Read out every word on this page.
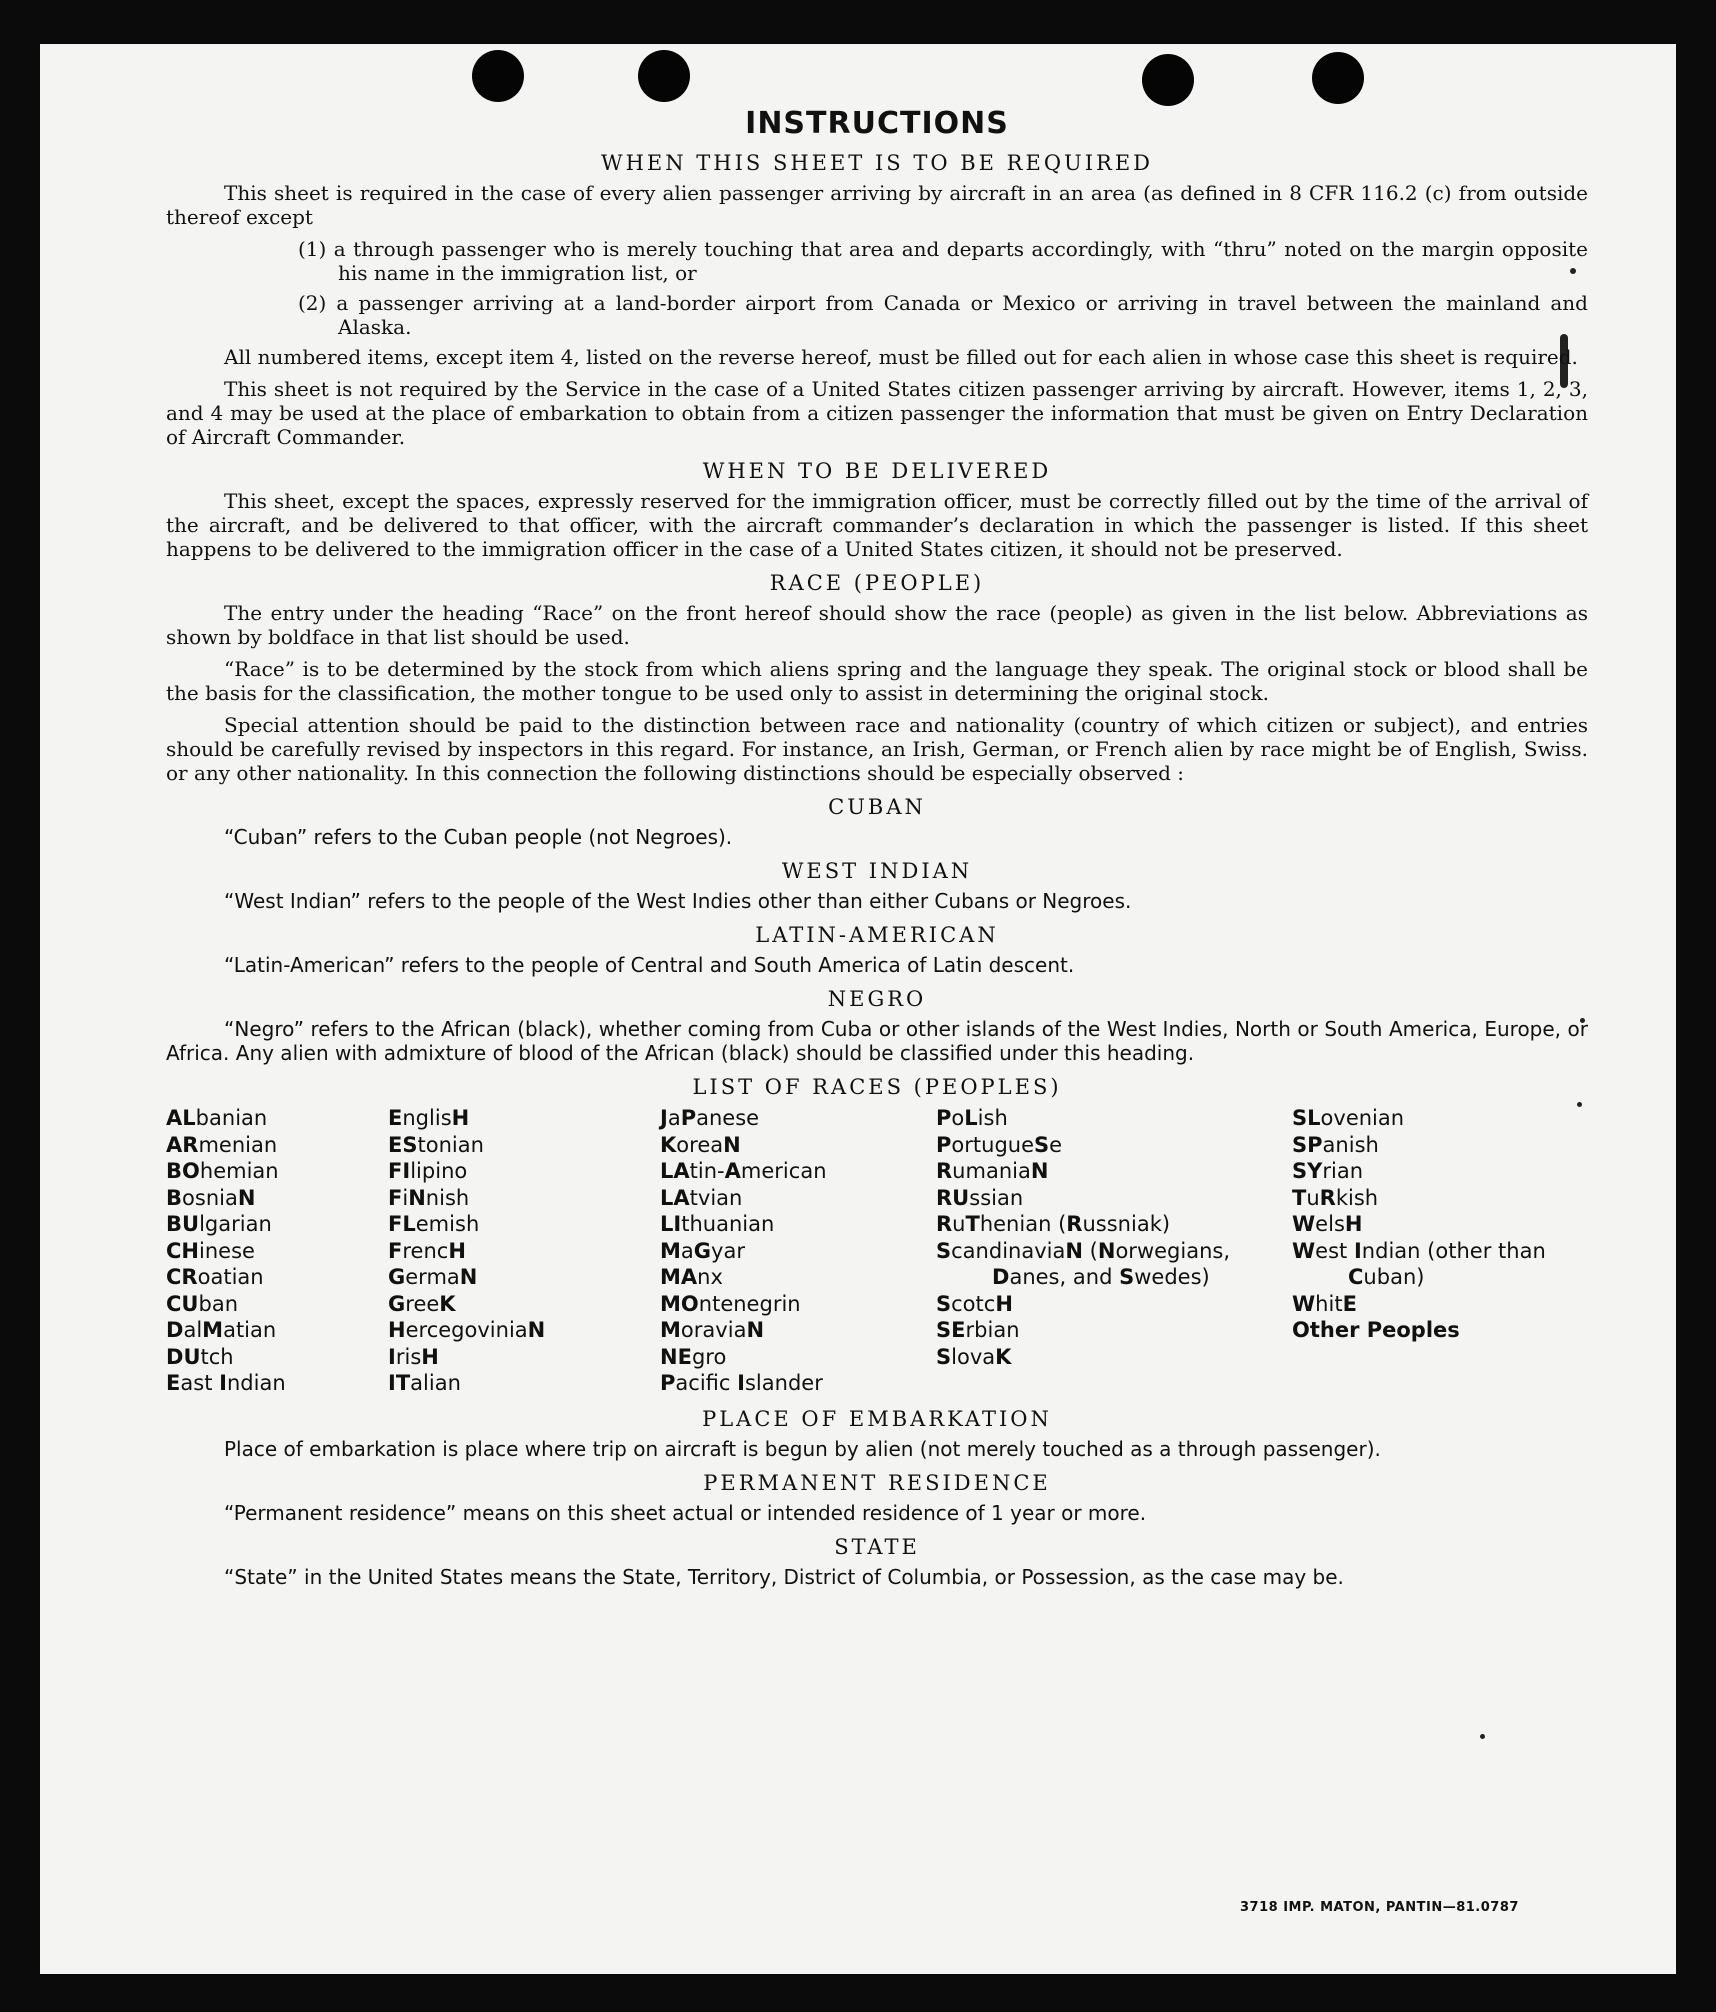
INSTRUCTIONS
WHEN THIS SHEET IS TO BE REQUIRED

This sheet is required in the case of every alien passenger arriving by aircraft in an area (as defined in 8 CFR 116.2 (c) from outside thereof except

(1) a through passenger who is merely touching that area and departs accordingly, with “thru” noted on the margin opposite his name in the immigration list, or

(2) a passenger arriving at a land-border airport from Canada or Mexico or arriving in travel between the mainland and Alaska.

All numbered items, except item 4, listed on the reverse hereof, must be filled out for each alien in whose case this sheet is required.

This sheet is not required by the Service in the case of a United States citizen passenger arriving by aircraft. However, items 1, 2, 3, and 4 may be used at the place of embarkation to obtain from a citizen passenger the information that must be given on Entry Declaration of Aircraft Commander.

WHEN TO BE DELIVERED

This sheet, except the spaces, expressly reserved for the immigration officer, must be correctly filled out by the time of the arrival of the aircraft, and be delivered to that officer, with the aircraft commander’s declaration in which the passenger is listed. If this sheet happens to be delivered to the immigration officer in the case of a United States citizen, it should not be preserved.

RACE (PEOPLE)

The entry under the heading “Race” on the front hereof should show the race (people) as given in the list below. Abbreviations as shown by boldface in that list should be used.

“Race” is to be determined by the stock from which aliens spring and the language they speak. The original stock or blood shall be the basis for the classification, the mother tongue to be used only to assist in determining the original stock.

Special attention should be paid to the distinction between race and nationality (country of which citizen or subject), and entries should be carefully revised by inspectors in this regard. For instance, an Irish, German, or French alien by race might be of English, Swiss. or any other nationality. In this connection the following distinctions should be especially observed :

CUBAN

“Cuban” refers to the Cuban people (not Negroes).

WEST INDIAN

“West Indian” refers to the people of the West Indies other than either Cubans or Negroes.

LATIN-AMERICAN

“Latin-American” refers to the people of Central and South America of Latin descent.

NEGRO

“Negro” refers to the African (black), whether coming from Cuba or other islands of the West Indies, North or South America, Europe, or Africa. Any alien with admixture of blood of the African (black) should be classified under this heading.

LIST OF RACES (PEOPLES)
ALbanian
ARmenian
BOhemian
BosniaN
BUlgarian
CHinese
CRoatian
CUban
DalMatian
DUtch
East Indian
EnglisH
EStonian
FIlipino
FiNnish
FLemish
FrencH
GermaN
GreeK
HercegoviniaN
IrisH
ITalian
JaPanese
KoreaN
LAtin-American
LAtvian
LIthuanian
MaGyar
MAnx
MOntenegrin
MoraviaN
NEgro
Pacifc Islander
PoLish
PortugueSe
RumaniaN
RUssian
RuThenian (Russniak)
ScandinaviaN (Norwegians, Danes, and Swedes)
ScotcH
SErbian
SlovaK
SLovenian
SPanish
SYrian
TuRkish
WelsH
West Indian (other than Cuban)
WhitE
Other Peoples
PLACE OF EMBARKATION

Place of embarkation is place where trip on aircraft is begun by alien (not merely touched as a through passenger).

PERMANENT RESIDENCE

“Permanent residence” means on this sheet actual or intended residence of 1 year or more.

STATE

“State” in the United States means the State, Territory, District of Columbia, or Possession, as the case may be.

3718 IMP. MATON, PANTIN—81.0787
